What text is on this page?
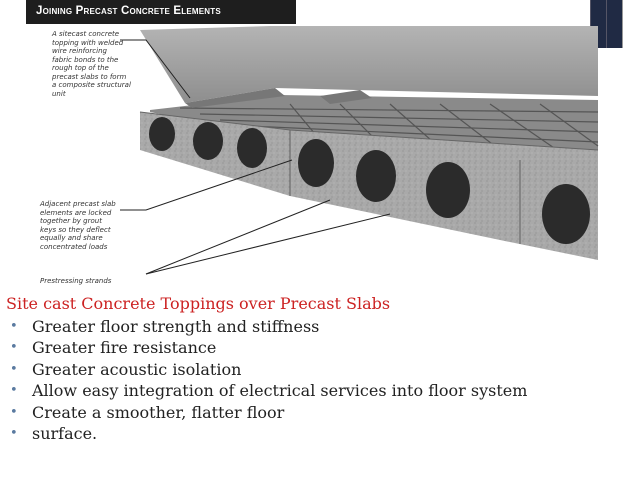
Joining Precast Concrete Elements
A sitecast concrete
topping with welded
wire reinforcing
fabric bonds to the
rough top of the
precast slabs to form
a composite structural
unit
Adjacent precast slab
elements are locked
together by grout
keys so they deflect
equally and share
concentrated loads
Prestressing strands
Site cast Concrete Toppings over Precast Slabs
• Greater floor strength and stiffness
• Greater fire resistance
• Greater acoustic isolation
• Allow easy integration of electrical services into floor system
• Create a smoother, flatter floor
• surface.
